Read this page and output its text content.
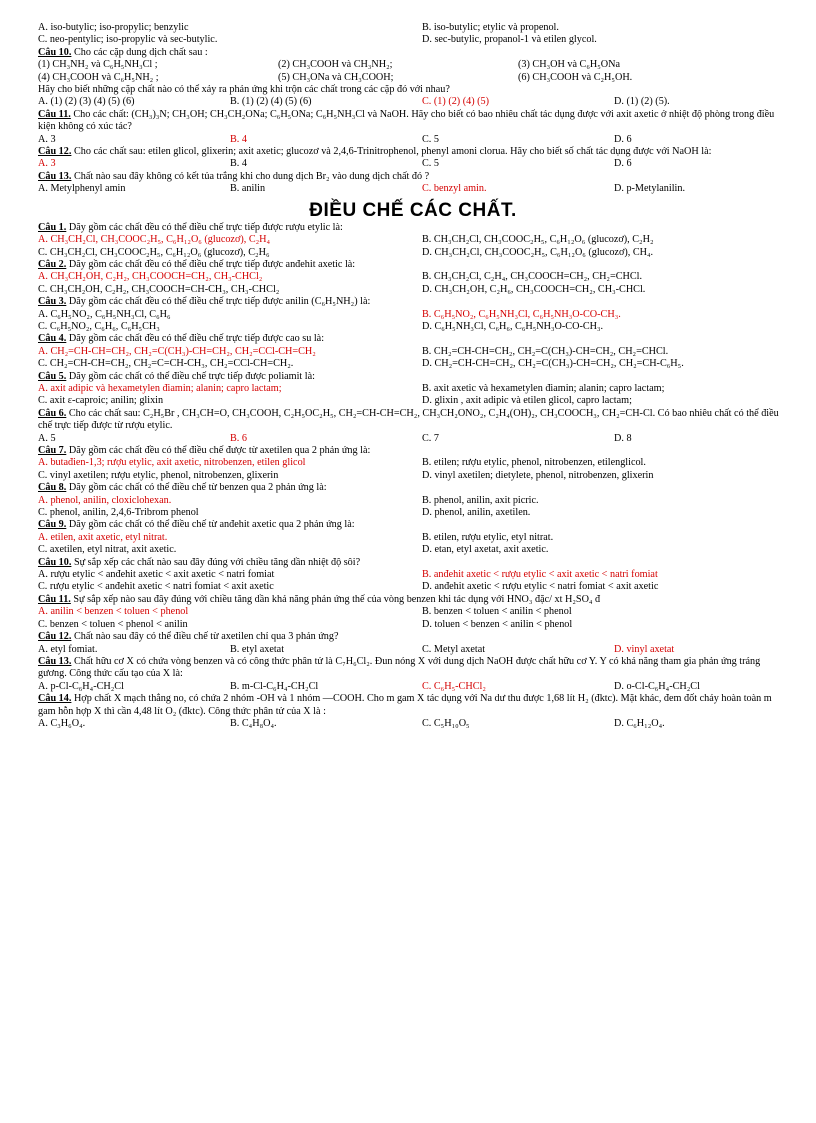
A. iso-butylic; iso-propylic; benzylic	B. iso-butylic; etylic và propenol.
C. neo-pentylic; iso-propylic và sec-butylic.	D. sec-butylic, propanol-1 và etilen glycol.
Câu 10. Cho các cặp dung dịch chất sau :
(1) CH₃NH₂ và C₆H₅NH₃Cl ;	(2) CH₃COOH và CH₃NH₂;	(3) CH₃OH và C₆H₅ONa
(4) CH₃COOH và C₆H₅NH₂ ;	(5) CH₃ONa và CH₃COOH;	(6) CH₃COOH và C₂H₅OH.
Hãy cho biết những cặp chất nào có thể xảy ra phản ứng khi trộn các chất trong các cặp đó với nhau?
A. (1) (2) (3) (4) (5) (6)	B. (1) (2) (4) (5) (6)	C. (1) (2) (4) (5)	D. (1) (2) (5).
Câu 11. Cho các chất: (CH₃)₃N; CH₃OH; CH₃CH₂ONa; C₆H₅ONa; C₆H₅NH₃Cl và NaOH. Hãy cho biết có bao nhiêu chất tác dụng được với axit axetic ở nhiệt độ phòng trong điều kiện không có xúc tác?
A. 3	B. 4	C. 5	D. 6
Câu 12. Cho các chất sau: etilen glicol, glixerin; axit axetic; glucozơ và 2,4,6-Trinitrophenol, phenyl amoni clorua. Hãy cho biết số chất tác dụng được với NaOH là:
A. 3	B. 4	C. 5	D. 6
Câu 13. Chất nào sau đây không có kết tủa trắng khi cho dung dịch Br₂ vào dung dịch chất đó ?
A. Metylphenyl amin	B. anilin	C. benzyl amin.	D. p-Metylanilin.
ĐIỀU CHẾ CÁC CHẤT.
Câu 1. Dãy gồm các chất đều có thể điều chế trực tiếp được rượu etylic là:
A. CH₃CH₂Cl, CH₃COOC₂H₅, C₆H₁₂O₆ (glucozơ), C₂H₄	B. CH₃CH₂Cl, CH₃COOC₂H₅, C₆H₁₂O₆ (glucozơ), C₂H₂
C. CH₃CH₂Cl, CH₃COOC₂H₅, C₆H₁₂O₆ (glucozơ), C₂H₆	D. CH₃CH₂Cl, CH₃COOC₂H₅, C₆H₁₂O₆ (glucozơ), CH₄.
Câu 2. Dãy gồm các chất đều có thể điều chế trực tiếp được anđehit axetic là:
A. CH₃CH₂OH, C₂H₂, CH₃COOCH=CH₂, CH₃-CHCl₂	B. CH₃CH₂Cl, C₂H₄, CH₃COOCH=CH₂, CH₂=CHCl.
C. CH₃CH₂OH, C₂H₂, CH₃COOCH=CH-CH₃, CH₃-CHCl₂	D. CH₃CH₂OH, C₂H₆, CH₃COOCH=CH₂, CH₃-CHCl.
Câu 3. Dãy gồm các chất đều có thể điều chế trực tiếp được anilin (C₆H₅NH₂) là:
A. C₆H₅NO₂, C₆H₅NH₃Cl, C₆H₆	B. C₆H₅NO₂, C₆H₅NH₃Cl, C₆H₅NH₃O-CO-CH₃.
C. C₆H₅NO₂, C₆H₆, C₆H₅CH₃	D. C₆H₅NH₃Cl, C₆H₆, C₆H₅NH₃O-CO-CH₃.
Câu 4. Dãy gồm các chất đều có thể điều chế trực tiếp được cao su là:
A. CH₂=CH-CH=CH₂, CH₂=C(CH₃)-CH=CH₂, CH₂=CCl-CH=CH₂	B. CH₂=CH-CH=CH₂, CH₂=C(CH₃)-CH=CH₂, CH₂=CHCl.
C. CH₂=CH-CH=CH₂, CH₂=C=CH-CH₃, CH₂=CCl-CH=CH₂.	D. CH₂=CH-CH=CH₂, CH₂=C(CH₃)-CH=CH₂, CH₂=CH-C₆H₅.
Câu 5. Dãy gồm các chất có thể điều chế trực tiếp được poliamit là:
A. axit adipic và hexametylen điamin; alanin; capro lactam;	B. axit axetic và hexametylen điamin; alanin; capro lactam;
C. axit ε-caproic; anilin; glixin	D. glixin , axit adipic và etilen glicol, capro lactam;
Câu 6. Cho các chất sau: C₂H₅Br , CH₃CH=O, CH₃COOH, C₂H₅OC₂H₅, CH₂=CH-CH=CH₂, CH₃CH₂ONO₂, C₂H₄(OH)₂, CH₃COOCH₃, CH₂=CH-Cl. Có bao nhiêu chất có thể điều chế trực tiếp được từ rượu etylic.
A. 5	B. 6	C. 7	D. 8
Câu 7. Dãy gồm các chất đều có thể điều chế được từ axetilen qua 2 phản ứng là:
A. butađien-1,3; rượu etylic, axit axetic, nitrobenzen, etilen glicol	B. etilen; rượu etylic, phenol, nitrobenzen, etilenglicol.
C. vinyl axetilen; rượu etylic, phenol, nitrobenzen, glixerin	D. vinyl axetilen; dietylete, phenol, nitrobenzen, glixerin
Câu 8. Dãy gồm các chất có thể điều chế từ benzen qua 2 phản ứng là:
A. phenol, anilin, cloxiclohexan.	B. phenol, anilin, axit picric.
C. phenol, anilin, 2,4,6-Tribrom phenol	D. phenol, anilin, axetilen.
Câu 9. Dãy gồm các chất có thể điều chế từ anđehit axetic qua 2 phản ứng là:
A. etilen, axit axetic, etyl nitrat.	B. etilen, rượu etylic, etyl nitrat.
C. axetilen, etyl nitrat, axit axetic.	D. etan, etyl axetat, axit axetic.
Câu 10. Sự sắp xếp các chất nào sau đây đúng với chiều tăng dần nhiệt độ sôi?
A. rượu etylic < anđehit axetic < axit axetic < natri fomiat	B. anđehit axetic < rượu etylic < axit axetic < natri fomiat
C. rượu etylic < anđehit axetic < natri fomiat < axit axetic	D. anđehit axetic < rượu etylic < natri fomiat < axit axetic
Câu 11. Sự sắp xếp nào sau đây đúng với chiều tăng dần khả năng phản ứng thế của vòng benzen khi tác dụng với HNO₃ đặc/ xt H₂SO₄ đ
A. anilin < benzen < toluen < phenol	B. benzen < toluen < anilin < phenol
C. benzen < toluen < phenol < anilin	D. toluen < benzen < anilin < phenol
Câu 12. Chất nào sau đây có thể điều chế từ axetilen chỉ qua 3 phản ứng?
A. etyl fomiat.	B. etyl axetat	C. Metyl axetat	D. vinyl axetat
Câu 13. Chất hữu cơ X có chứa vòng benzen và có công thức phân tử là C₇H₆Cl₂. Đun nóng X với dung dịch NaOH được chất hữu cơ Y. Y có khả năng tham gia phản ứng tráng gương. Công thức cấu tạo của X là:
A. p-Cl-C₆H₄-CH₂Cl	B. m-Cl-C₆H₄-CH₂Cl	C. C₆H₅-CHCl₂	D. o-Cl-C₆H₄-CH₂Cl
Câu 14. Hợp chất X mạch thẳng no, có chứa 2 nhóm -OH và 1 nhóm —COOH. Cho m gam X tác dụng với Na dư thu được 1,68 lít H₂ (đktc). Mặt khác, đem đốt cháy hoàn toàn m gam hỗn hợp X thì cần 4,48 lít O₂ (đktc). Công thức phân tử của X là :
A. C₃H₆O₄.	B. C₄H₈O₄.	C. C₅H₁₀O₅	D. C₆H₁₂O₄.
